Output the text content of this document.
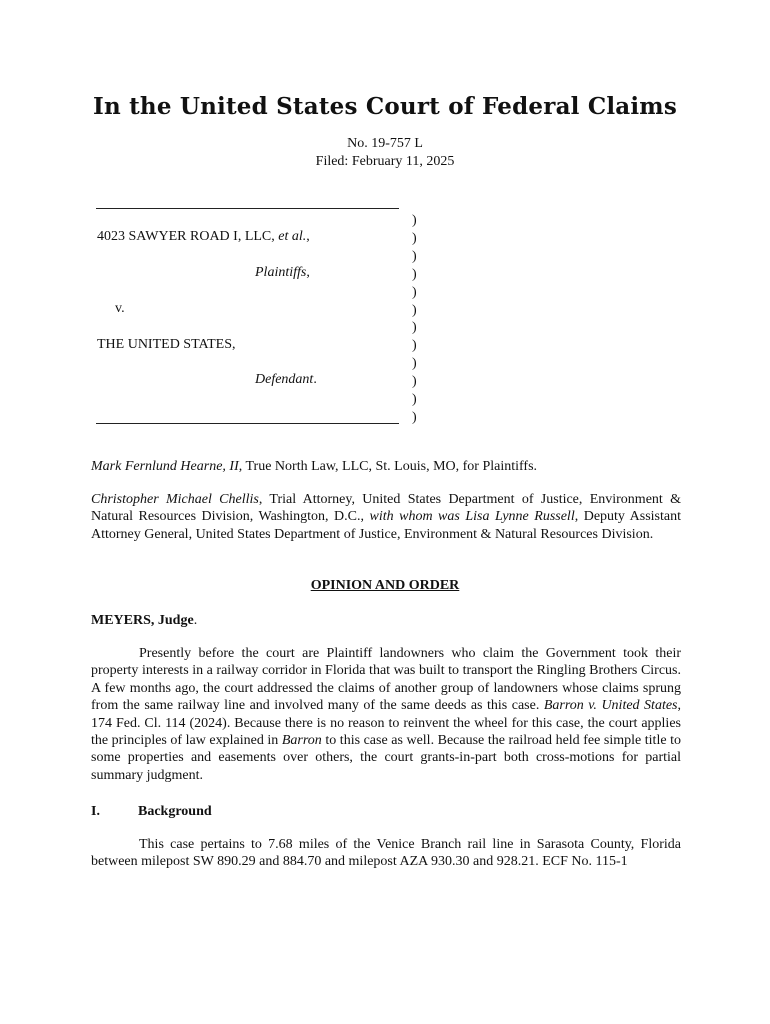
In the United States Court of Federal Claims
No. 19-757 L
Filed: February 11, 2025
4023 SAWYER ROAD I, LLC, et al.,
Plaintiffs,
v.
THE UNITED STATES,
Defendant.
)
)
)
)
)
)
)
)
)
)
)
)
Mark Fernlund Hearne, II, True North Law, LLC, St. Louis, MO, for Plaintiffs.
Christopher Michael Chellis, Trial Attorney, United States Department of Justice, Environment & Natural Resources Division, Washington, D.C., with whom was Lisa Lynne Russell, Deputy Assistant Attorney General, United States Department of Justice, Environment & Natural Resources Division.
OPINION AND ORDER
MEYERS, Judge.
Presently before the court are Plaintiff landowners who claim the Government took their property interests in a railway corridor in Florida that was built to transport the Ringling Brothers Circus. A few months ago, the court addressed the claims of another group of landowners whose claims sprung from the same railway line and involved many of the same deeds as this case. Barron v. United States, 174 Fed. Cl. 114 (2024). Because there is no reason to reinvent the wheel for this case, the court applies the principles of law explained in Barron to this case as well. Because the railroad held fee simple title to some properties and easements over others, the court grants-in-part both cross-motions for partial summary judgment.
I.	Background
This case pertains to 7.68 miles of the Venice Branch rail line in Sarasota County, Florida between milepost SW 890.29 and 884.70 and milepost AZA 930.30 and 928.21. ECF No. 115-1
